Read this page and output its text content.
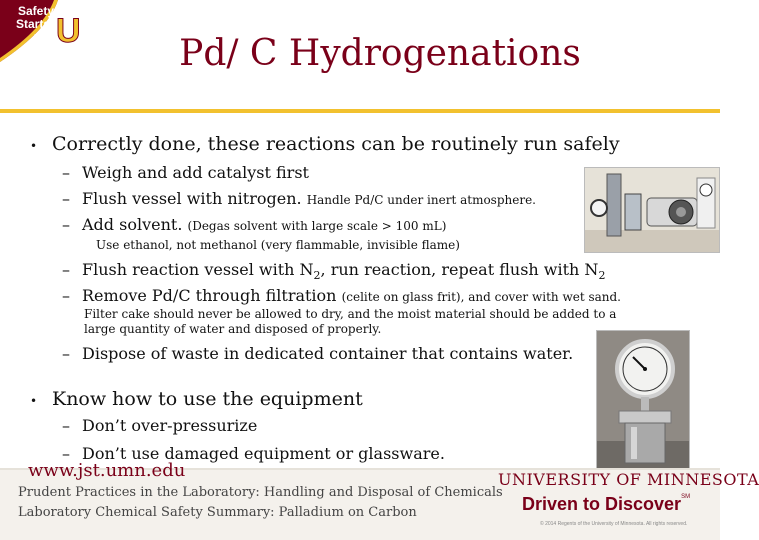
Safety
Starts
with U
Pd/ C Hydrogenations
• Correctly done, these reactions can be routinely run safely
– Weigh and add catalyst first
– Flush vessel with nitrogen. Handle Pd/C under inert atmosphere.
– Add solvent. (Degas solvent with large scale > 100 mL)
Use ethanol, not methanol (very flammable, invisible flame)
– Flush reaction vessel with $N_2$, run reaction, repeat flush with $N_2$
– Remove Pd/C through filtration (celite on glass frit), and cover with wet sand.
Filter cake should never be allowed to dry, and the moist material should be added to a
large quantity of water and disposed of properly.
– Dispose of waste in dedicated container that contains water.
• Know how to use the equipment
– Don’t over-pressurize
– Don’t use damaged equipment or glassware.
www.jst.umn.edu
Prudent Practices in the Laboratory: Handling and Disposal of Chemicals
Laboratory Chemical Safety Summary: Palladium on Carbon
UNIVERSITY OF MINNESOTA
Driven to Discover℠
© 2014 Regents of the University of Minnesota. All rights reserved.
